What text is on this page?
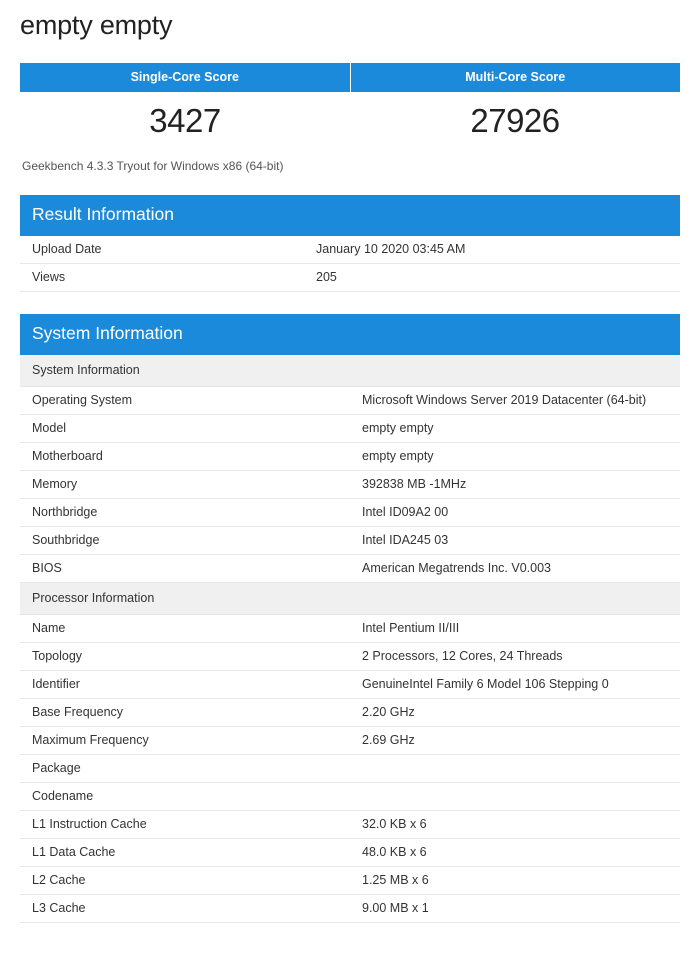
empty empty
Single-Core Score	Multi-Core Score
3427	27926
Geekbench 4.3.3 Tryout for Windows x86 (64-bit)
Result Information
Upload Date	January 10 2020 03:45 AM
Views	205
System Information
System Information	
Operating System	Microsoft Windows Server 2019 Datacenter (64-bit)
Model	empty empty
Motherboard	empty empty
Memory	392838 MB -1MHz
Northbridge	Intel ID09A2 00
Southbridge	Intel IDA245 03
BIOS	American Megatrends Inc. V0.003
Processor Information	
Name	Intel Pentium II/III
Topology	2 Processors, 12 Cores, 24 Threads
Identifier	GenuineIntel Family 6 Model 106 Stepping 0
Base Frequency	2.20 GHz
Maximum Frequency	2.69 GHz
Package	
Codename	
L1 Instruction Cache	32.0 KB x 6
L1 Data Cache	48.0 KB x 6
L2 Cache	1.25 MB x 6
L3 Cache	9.00 MB x 1
